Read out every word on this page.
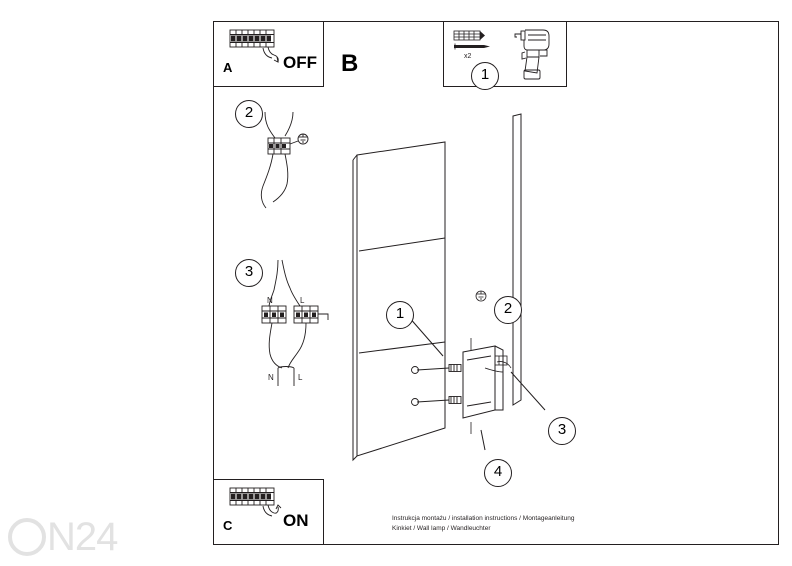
N24
A	OFF B	1
x2
2
3
N	L
N	L
1	2
3
4
C	ON	Instrukcja montażu / installation instructions / Montageanleitung
Kinkiet / Wall lamp / Wandleuchter
